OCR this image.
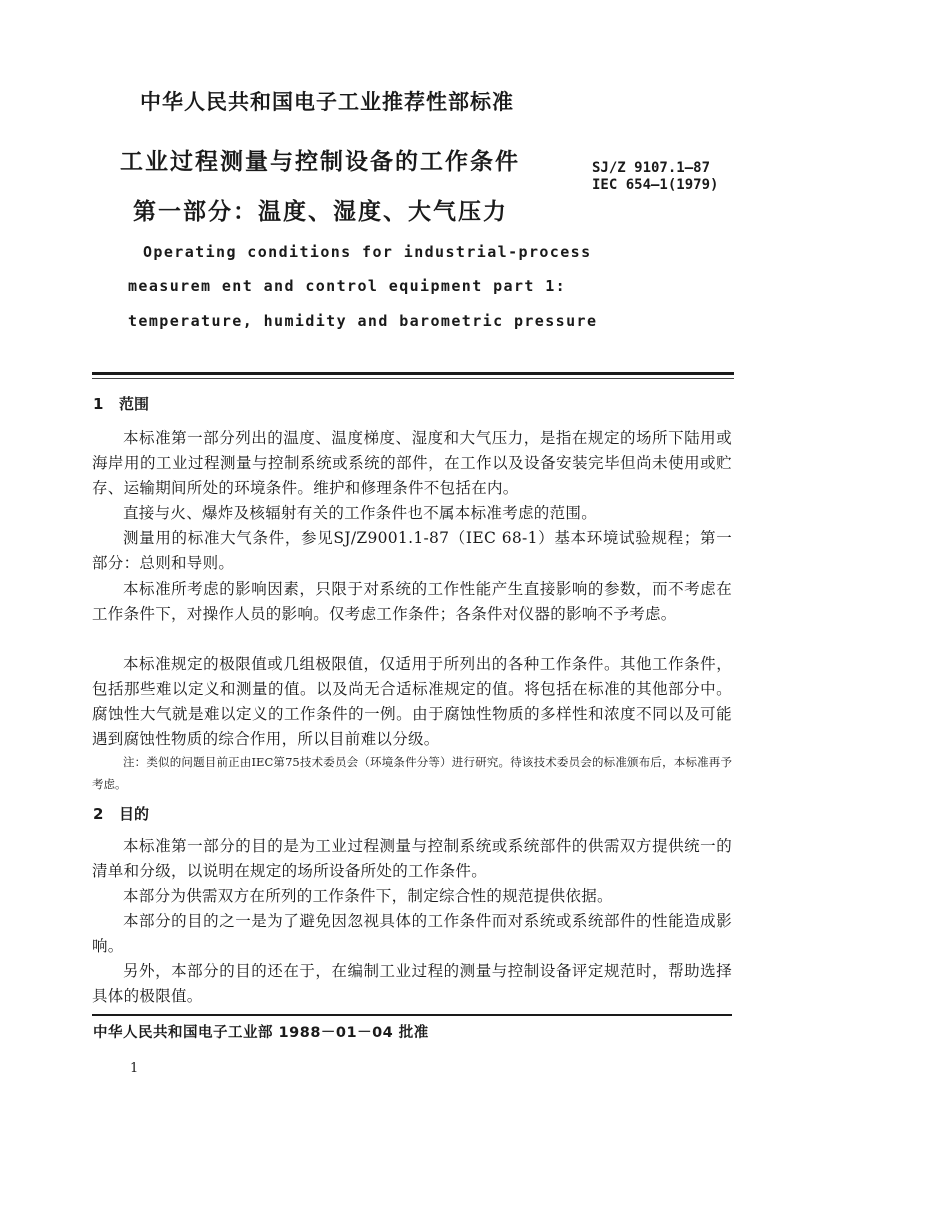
中华人民共和国电子工业推荐性部标准
工业过程测量与控制设备的工作条件
第一部分：温度、湿度、大气压力
SJ/Z 9107.1—87
IEC 654—1(1979)
Operating conditions for industrial-process
measurem ent and control equipment part 1:
temperature, humidity and barometric pressure
1 范围
本标准第一部分列出的温度、温度梯度、湿度和大气压力，是指在规定的场所下陆用或海岸用的工业过程测量与控制系统或系统的部件，在工作以及设备安装完毕但尚未使用或贮存、运输期间所处的环境条件。维护和修理条件不包括在内。
直接与火、爆炸及核辐射有关的工作条件也不属本标准考虑的范围。
测量用的标准大气条件，参见SJ/Z9001.1-87（IEC 68-1）基本环境试验规程；第一部分：总则和导则。
本标准所考虑的影响因素，只限于对系统的工作性能产生直接影响的参数，而不考虑在工作条件下，对操作人员的影响。仅考虑工作条件；各条件对仪器的影响不予考虑。
本标准规定的极限值或几组极限值，仅适用于所列出的各种工作条件。其他工作条件，包括那些难以定义和测量的值。以及尚无合适标准规定的值。将包括在标准的其他部分中。腐蚀性大气就是难以定义的工作条件的一例。由于腐蚀性物质的多样性和浓度不同以及可能遇到腐蚀性物质的综合作用，所以目前难以分级。
注：类似的问题目前正由IEC第75技术委员会（环境条件分等）进行研究。待该技术委员会的标准颁布后，本标准再予考虑。
2 目的
本标准第一部分的目的是为工业过程测量与控制系统或系统部件的供需双方提供统一的清单和分级，以说明在规定的场所设备所处的工作条件。
本部分为供需双方在所列的工作条件下，制定综合性的规范提供依据。
本部分的目的之一是为了避免因忽视具体的工作条件而对系统或系统部件的性能造成影响。
另外，本部分的目的还在于，在编制工业过程的测量与控制设备评定规范时，帮助选择具体的极限值。
中华人民共和国电子工业部 1988－01－04 批准
1
